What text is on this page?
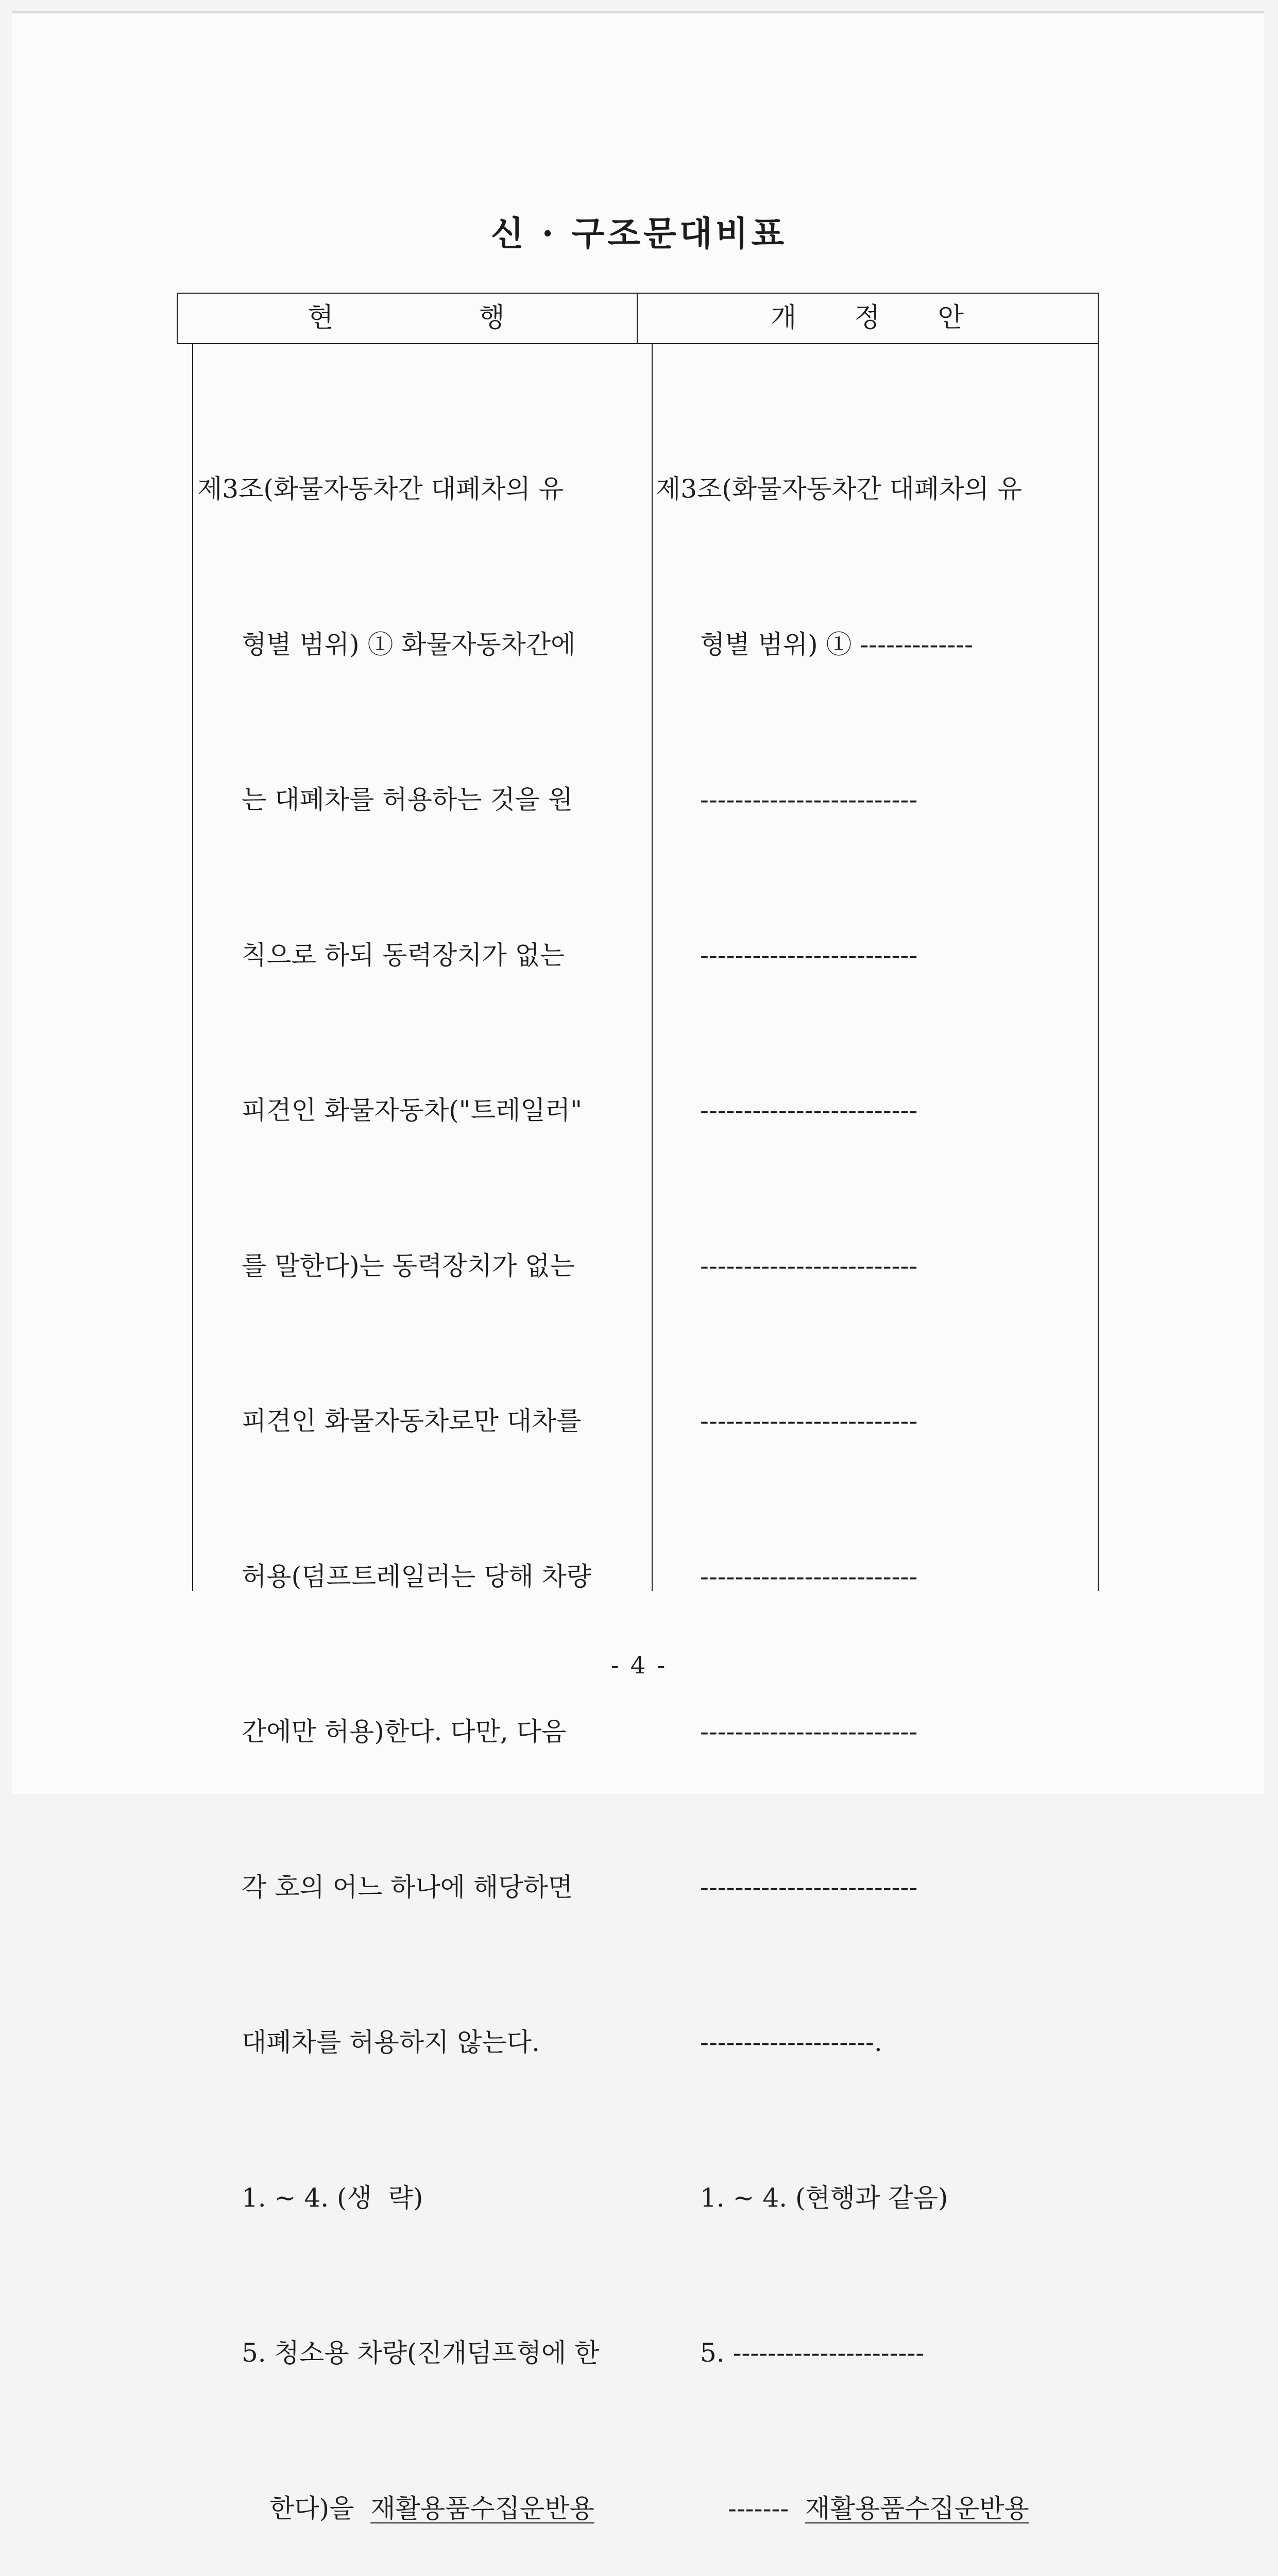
신 · 구조문대비표
현	행	개 정 안

제3조(화물자동차간 대폐차의 유

형별 범위) ① 화물자동차간에

는 대폐차를 허용하는 것을 원

칙으로 하되 동력장치가 없는

피견인 화물자동차("트레일러"

를 말한다)는 동력장치가 없는

피견인 화물자동차로만 대차를

허용(덤프트레일러는 당해 차량

간에만 허용)한다. 다만, 다음

각 호의 어느 하나에 해당하면

대폐차를 허용하지 않는다.

1. ~ 4. (생  략)

5. 청소용 차량(진개덤프형에 한

한다)을  재활용품수집운반용

제3조(화물자동차간 대폐차의 유

형별 범위) ① -------------

-------------------------

-------------------------

-------------------------

-------------------------

-------------------------

-------------------------

-------------------------

-------------------------

--------------------.

1. ~ 4. (현행과 같음)

5. ----------------------

-------  재활용품수집운반용

- 4 -
